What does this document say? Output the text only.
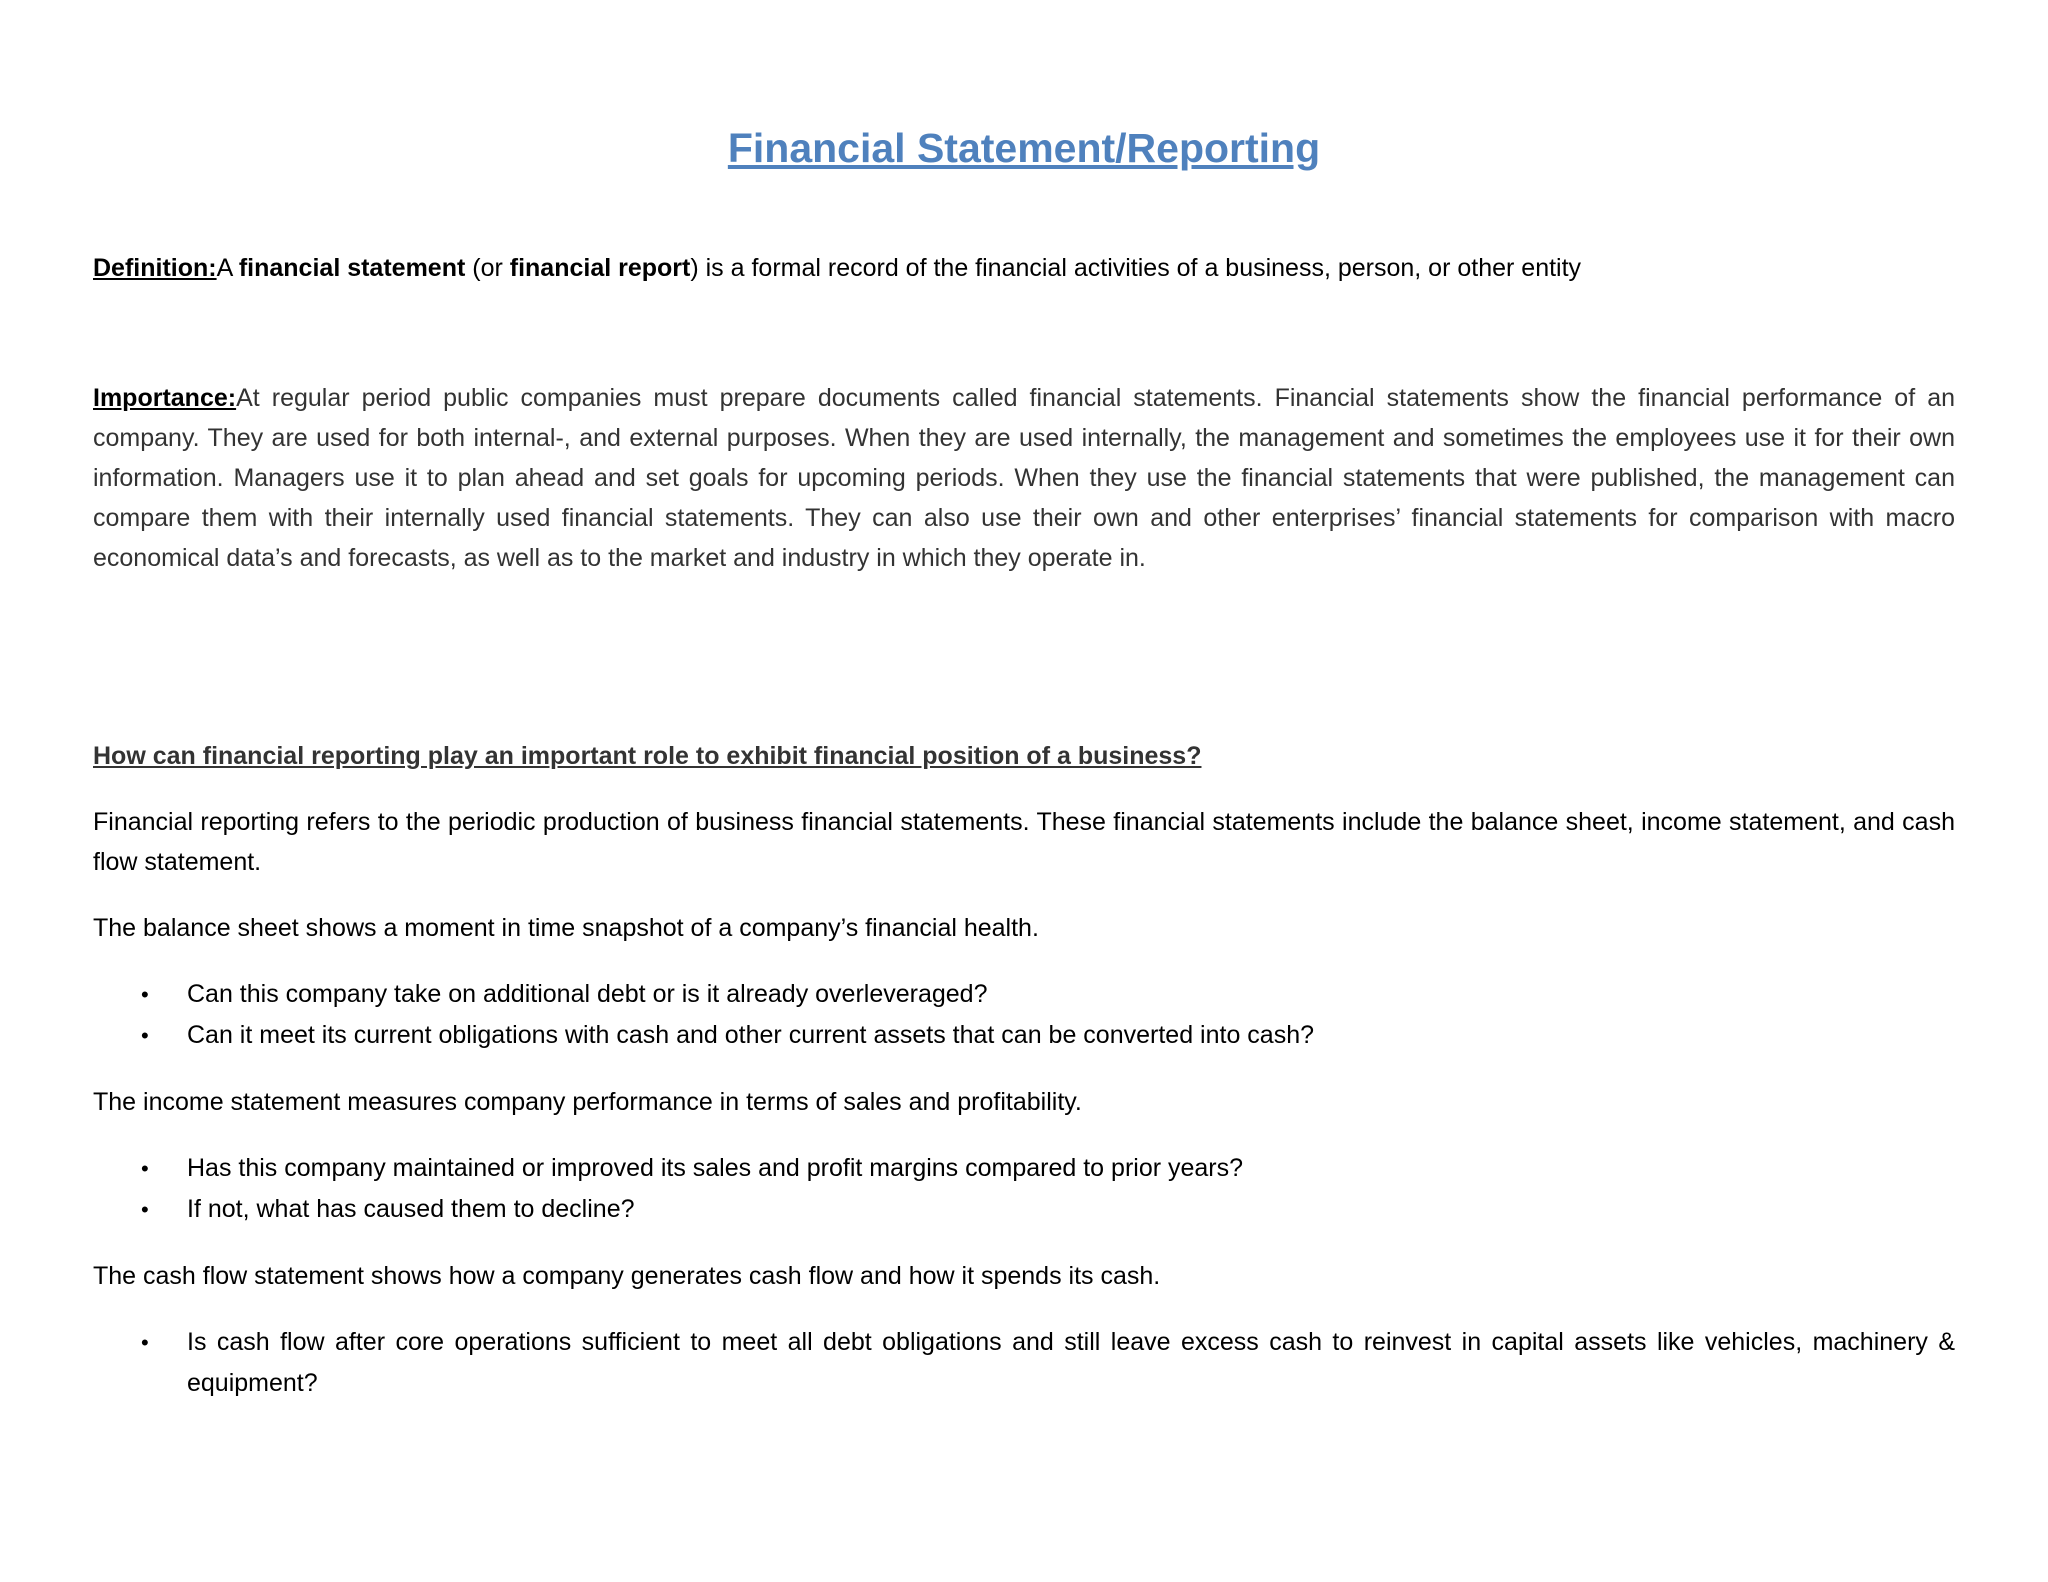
Financial Statement/Reporting

Definition:A financial statement (or financial report) is a formal record of the financial activities of a business, person, or other entity

Importance:At regular period public companies must prepare documents called financial statements. Financial statements show the financial performance of an company. They are used for both internal-, and external purposes. When they are used internally, the management and sometimes the employees use it for their own information. Managers use it to plan ahead and set goals for upcoming periods. When they use the financial statements that were published, the management can compare them with their internally used financial statements. They can also use their own and other enterprises’ financial statements for comparison with macro economical data’s and forecasts, as well as to the market and industry in which they operate in.

How can financial reporting play an important role to exhibit financial position of a business?

Financial reporting refers to the periodic production of business financial statements. These financial statements include the balance sheet, income statement, and cash flow statement.

The balance sheet shows a moment in time snapshot of a company’s financial health.

• Can this company take on additional debt or is it already overleveraged?
• Can it meet its current obligations with cash and other current assets that can be converted into cash?

The income statement measures company performance in terms of sales and profitability.

• Has this company maintained or improved its sales and profit margins compared to prior years?
• If not, what has caused them to decline?

The cash flow statement shows how a company generates cash flow and how it spends its cash.

• Is cash flow after core operations sufficient to meet all debt obligations and still leave excess cash to reinvest in capital assets like vehicles, machinery & equipment?
